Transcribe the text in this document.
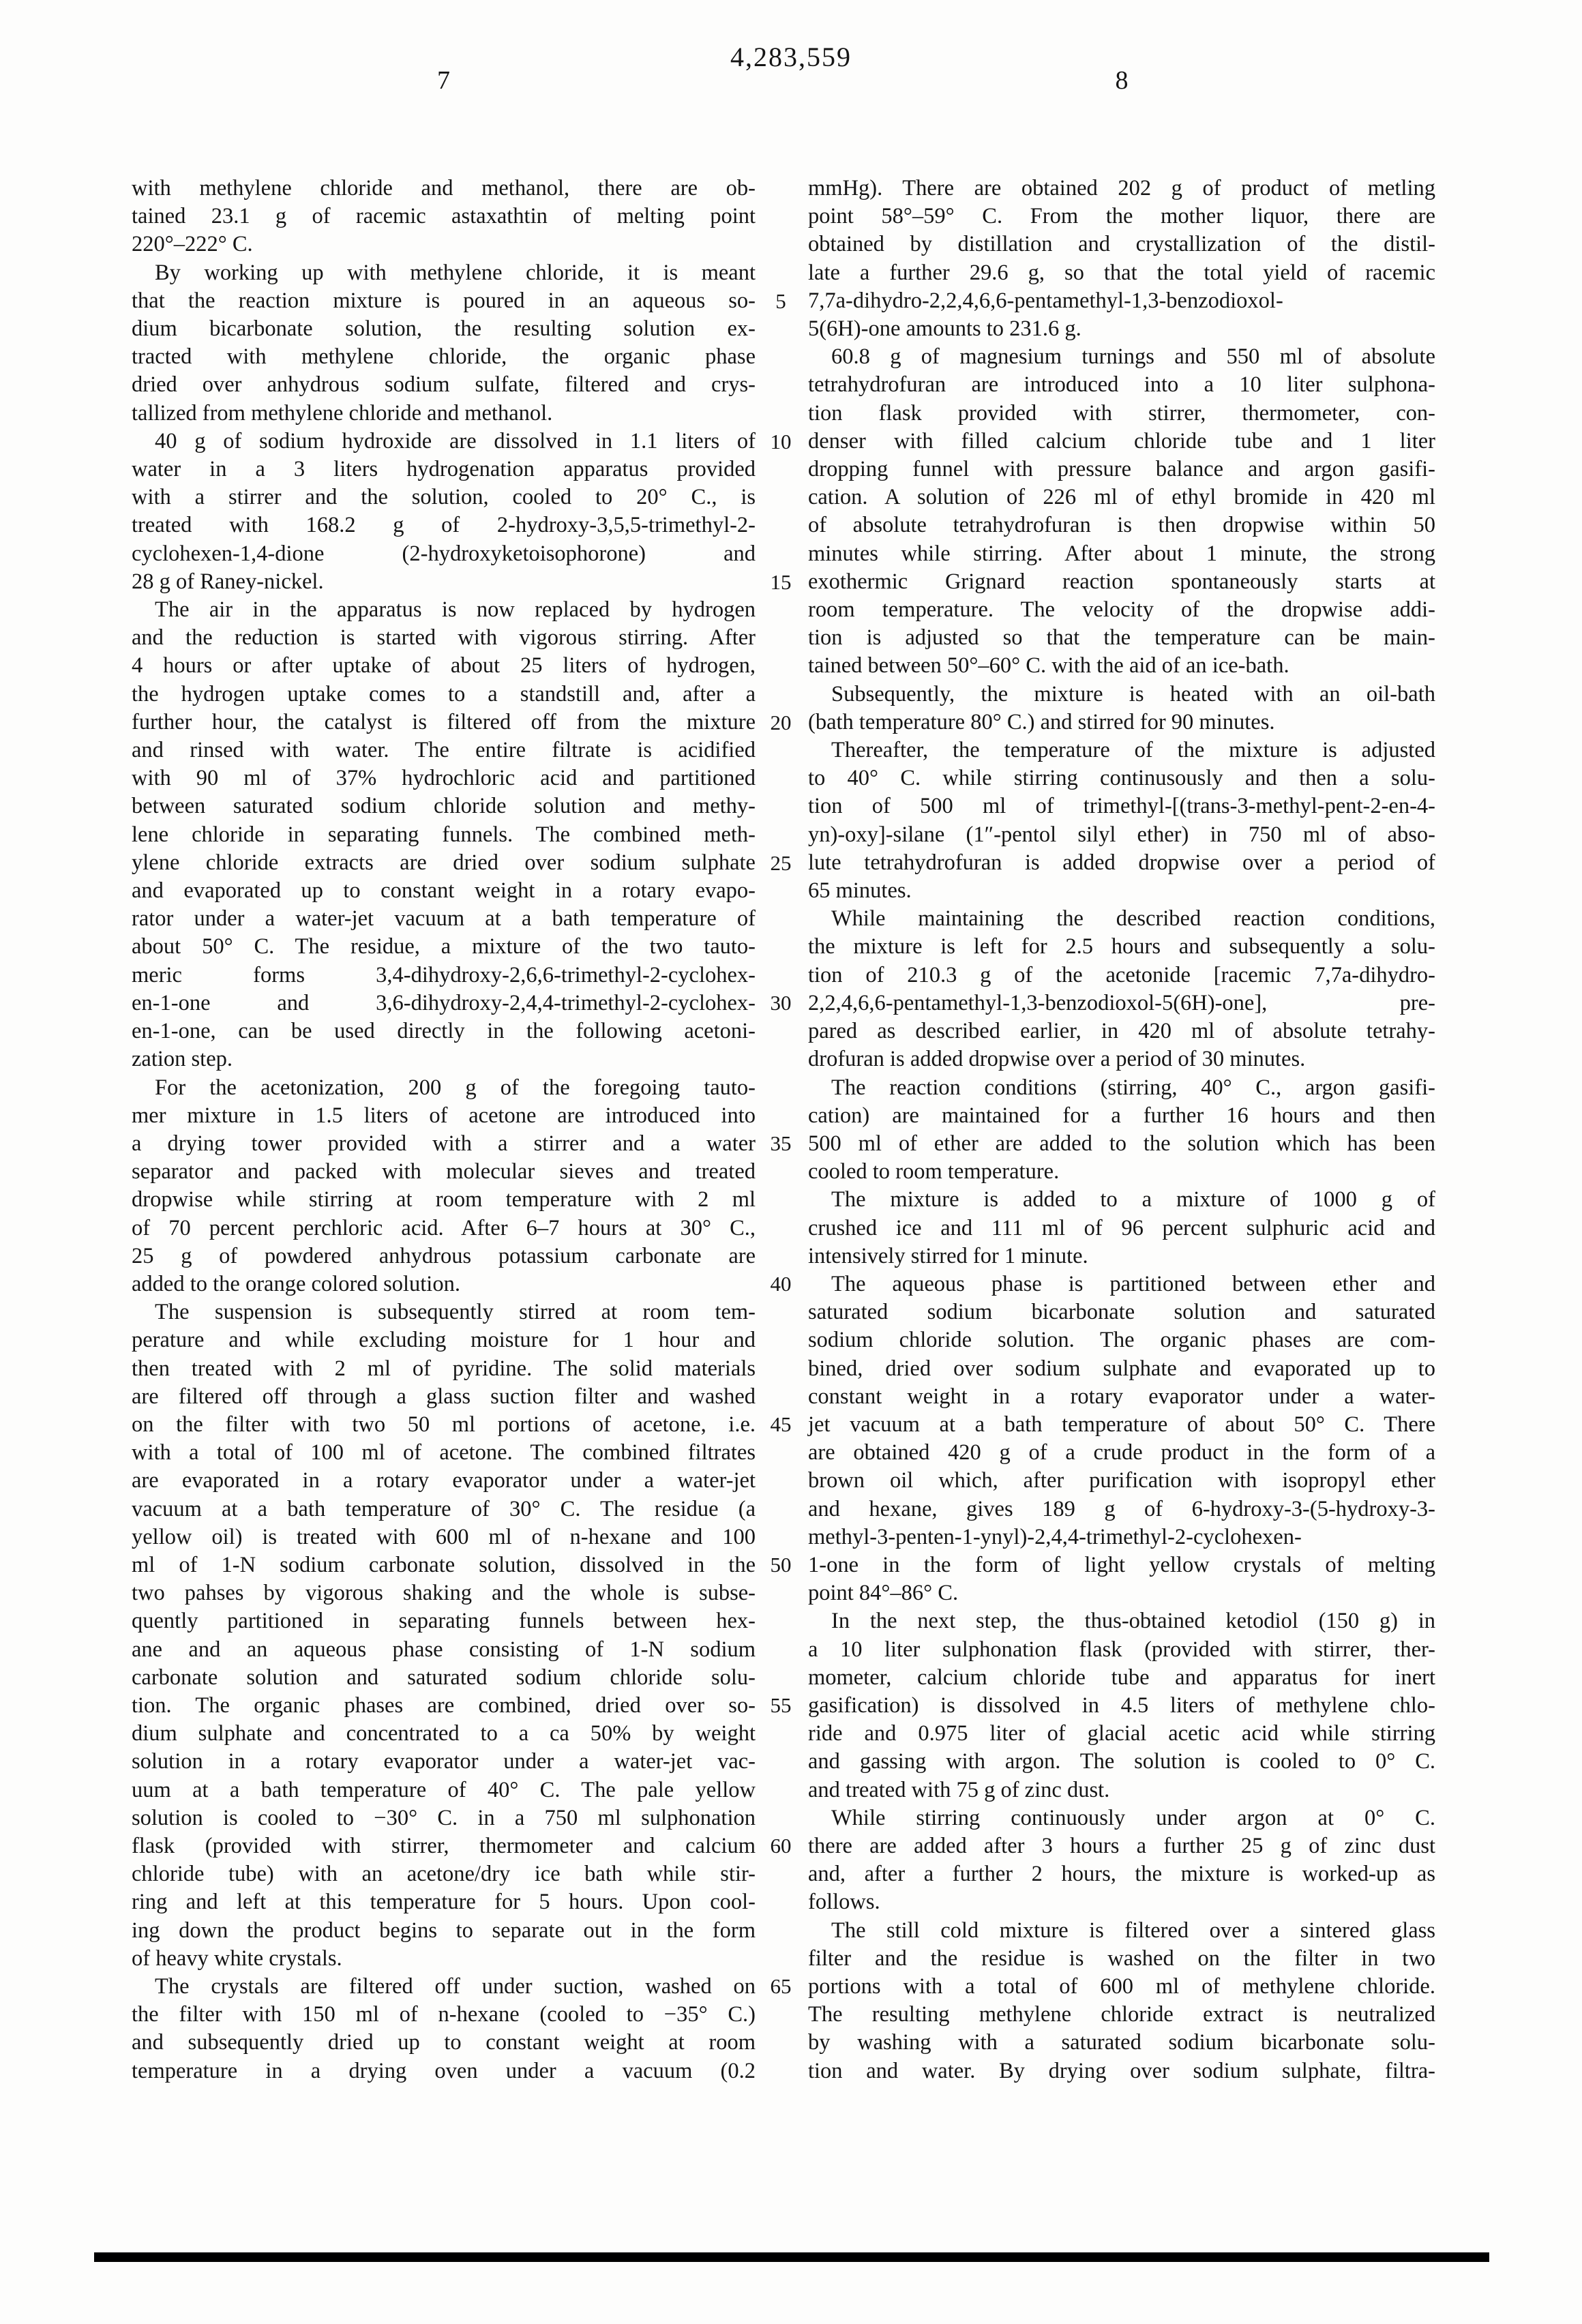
4,283,559
7	8
with methylene chloride and methanol, there are ob-
tained 23.1 g of racemic astaxathtin of melting point
220°–222° C.
By working up with methylene chloride, it is meant
that the reaction mixture is poured in an aqueous so-
dium bicarbonate solution, the resulting solution ex-
tracted with methylene chloride, the organic phase
dried over anhydrous sodium sulfate, filtered and crys-
tallized from methylene chloride and methanol.
40 g of sodium hydroxide are dissolved in 1.1 liters of
water in a 3 liters hydrogenation apparatus provided
with a stirrer and the solution, cooled to 20° C., is
treated with 168.2 g of 2-hydroxy-3,5,5-trimethyl-2-
cyclohexen-1,4-dione (2-hydroxyketoisophorone) and
28 g of Raney-nickel.
The air in the apparatus is now replaced by hydrogen
and the reduction is started with vigorous stirring. After
4 hours or after uptake of about 25 liters of hydrogen,
the hydrogen uptake comes to a standstill and, after a
further hour, the catalyst is filtered off from the mixture
and rinsed with water. The entire filtrate is acidified
with 90 ml of 37% hydrochloric acid and partitioned
between saturated sodium chloride solution and methy-
lene chloride in separating funnels. The combined meth-
ylene chloride extracts are dried over sodium sulphate
and evaporated up to constant weight in a rotary evapo-
rator under a water-jet vacuum at a bath temperature of
about 50° C. The residue, a mixture of the two tauto-
meric forms 3,4-dihydroxy-2,6,6-trimethyl-2-cyclohex-
en-1-one and 3,6-dihydroxy-2,4,4-trimethyl-2-cyclohex-
en-1-one, can be used directly in the following acetoni-
zation step.
For the acetonization, 200 g of the foregoing tauto-
mer mixture in 1.5 liters of acetone are introduced into
a drying tower provided with a stirrer and a water
separator and packed with molecular sieves and treated
dropwise while stirring at room temperature with 2 ml
of 70 percent perchloric acid. After 6–7 hours at 30° C.,
25 g of powdered anhydrous potassium carbonate are
added to the orange colored solution.
The suspension is subsequently stirred at room tem-
perature and while excluding moisture for 1 hour and
then treated with 2 ml of pyridine. The solid materials
are filtered off through a glass suction filter and washed
on the filter with two 50 ml portions of acetone, i.e.
with a total of 100 ml of acetone. The combined filtrates
are evaporated in a rotary evaporator under a water-jet
vacuum at a bath temperature of 30° C. The residue (a
yellow oil) is treated with 600 ml of n-hexane and 100
ml of 1-N sodium carbonate solution, dissolved in the
two pahses by vigorous shaking and the whole is subse-
quently partitioned in separating funnels between hex-
ane and an aqueous phase consisting of 1-N sodium
carbonate solution and saturated sodium chloride solu-
tion. The organic phases are combined, dried over so-
dium sulphate and concentrated to a ca 50% by weight
solution in a rotary evaporator under a water-jet vac-
uum at a bath temperature of 40° C. The pale yellow
solution is cooled to −30° C. in a 750 ml sulphonation
flask (provided with stirrer, thermometer and calcium
chloride tube) with an acetone/dry ice bath while stir-
ring and left at this temperature for 5 hours. Upon cool-
ing down the product begins to separate out in the form
of heavy white crystals.
The crystals are filtered off under suction, washed on
the filter with 150 ml of n-hexane (cooled to −35° C.)
and subsequently dried up to constant weight at room
temperature in a drying oven under a vacuum (0.2
5
10
15
20
25
30
35
40
45
50
55
60
65
mmHg). There are obtained 202 g of product of metling
point 58°–59° C. From the mother liquor, there are
obtained by distillation and crystallization of the distil-
late a further 29.6 g, so that the total yield of racemic
7,7a-dihydro-2,2,4,6,6-pentamethyl-1,3-benzodioxol-
5(6H)-one amounts to 231.6 g.
60.8 g of magnesium turnings and 550 ml of absolute
tetrahydrofuran are introduced into a 10 liter sulphona-
tion flask provided with stirrer, thermometer, con-
denser with filled calcium chloride tube and 1 liter
dropping funnel with pressure balance and argon gasifi-
cation. A solution of 226 ml of ethyl bromide in 420 ml
of absolute tetrahydrofuran is then dropwise within 50
minutes while stirring. After about 1 minute, the strong
exothermic Grignard reaction spontaneously starts at
room temperature. The velocity of the dropwise addi-
tion is adjusted so that the temperature can be main-
tained between 50°–60° C. with the aid of an ice-bath.
Subsequently, the mixture is heated with an oil-bath
(bath temperature 80° C.) and stirred for 90 minutes.
Thereafter, the temperature of the mixture is adjusted
to 40° C. while stirring continusously and then a solu-
tion of 500 ml of trimethyl-[(trans-3-methyl-pent-2-en-4-
yn)-oxy]-silane (1″-pentol silyl ether) in 750 ml of abso-
lute tetrahydrofuran is added dropwise over a period of
65 minutes.
While maintaining the described reaction conditions,
the mixture is left for 2.5 hours and subsequently a solu-
tion of 210.3 g of the acetonide [racemic 7,7a-dihydro-
2,2,4,6,6-pentamethyl-1,3-benzodioxol-5(6H)-one], pre-
pared as described earlier, in 420 ml of absolute tetrahy-
drofuran is added dropwise over a period of 30 minutes.
The reaction conditions (stirring, 40° C., argon gasifi-
cation) are maintained for a further 16 hours and then
500 ml of ether are added to the solution which has been
cooled to room temperature.
The mixture is added to a mixture of 1000 g of
crushed ice and 111 ml of 96 percent sulphuric acid and
intensively stirred for 1 minute.
The aqueous phase is partitioned between ether and
saturated sodium bicarbonate solution and saturated
sodium chloride solution. The organic phases are com-
bined, dried over sodium sulphate and evaporated up to
constant weight in a rotary evaporator under a water-
jet vacuum at a bath temperature of about 50° C. There
are obtained 420 g of a crude product in the form of a
brown oil which, after purification with isopropyl ether
and hexane, gives 189 g of 6-hydroxy-3-(5-hydroxy-3-
methyl-3-penten-1-ynyl)-2,4,4-trimethyl-2-cyclohexen-
1-one in the form of light yellow crystals of melting
point 84°–86° C.
In the next step, the thus-obtained ketodiol (150 g) in
a 10 liter sulphonation flask (provided with stirrer, ther-
mometer, calcium chloride tube and apparatus for inert
gasification) is dissolved in 4.5 liters of methylene chlo-
ride and 0.975 liter of glacial acetic acid while stirring
and gassing with argon. The solution is cooled to 0° C.
and treated with 75 g of zinc dust.
While stirring continuously under argon at 0° C.
there are added after 3 hours a further 25 g of zinc dust
and, after a further 2 hours, the mixture is worked-up as
follows.
The still cold mixture is filtered over a sintered glass
filter and the residue is washed on the filter in two
portions with a total of 600 ml of methylene chloride.
The resulting methylene chloride extract is neutralized
by washing with a saturated sodium bicarbonate solu-
tion and water. By drying over sodium sulphate, filtra-
